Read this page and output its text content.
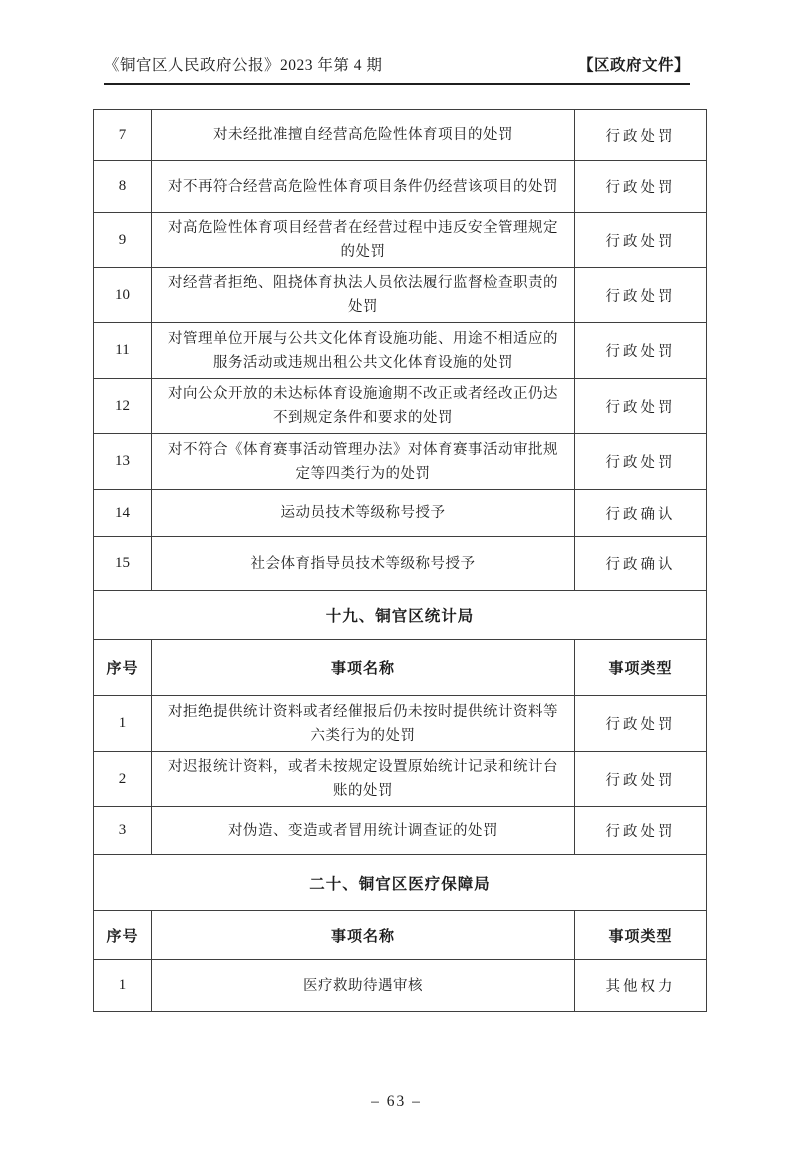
《铜官区人民政府公报》2023 年第 4 期	【区政府文件】
7	对未经批准擅自经营高危险性体育项目的处罚	行政处罚
8	对不再符合经营高危险性体育项目条件仍经营该项目的处罚	行政处罚
9	对高危险性体育项目经营者在经营过程中违反安全管理规定的处罚	行政处罚
10	对经营者拒绝、阻挠体育执法人员依法履行监督检查职责的处罚	行政处罚
11	对管理单位开展与公共文化体育设施功能、用途不相适应的服务活动或违规出租公共文化体育设施的处罚	行政处罚
12	对向公众开放的未达标体育设施逾期不改正或者经改正仍达不到规定条件和要求的处罚	行政处罚
13	对不符合《体育赛事活动管理办法》对体育赛事活动审批规定等四类行为的处罚	行政处罚
14	运动员技术等级称号授予	行政确认
15	社会体育指导员技术等级称号授予	行政确认
十九、铜官区统计局		
序号	事项名称	事项类型
1	对拒绝提供统计资料或者经催报后仍未按时提供统计资料等六类行为的处罚	行政处罚
2	对迟报统计资料，或者未按规定设置原始统计记录和统计台账的处罚	行政处罚
3	对伪造、变造或者冒用统计调查证的处罚	行政处罚
二十、铜官区医疗保障局		
序号	事项名称	事项类型
1	医疗救助待遇审核	其他权力
– 63 –
